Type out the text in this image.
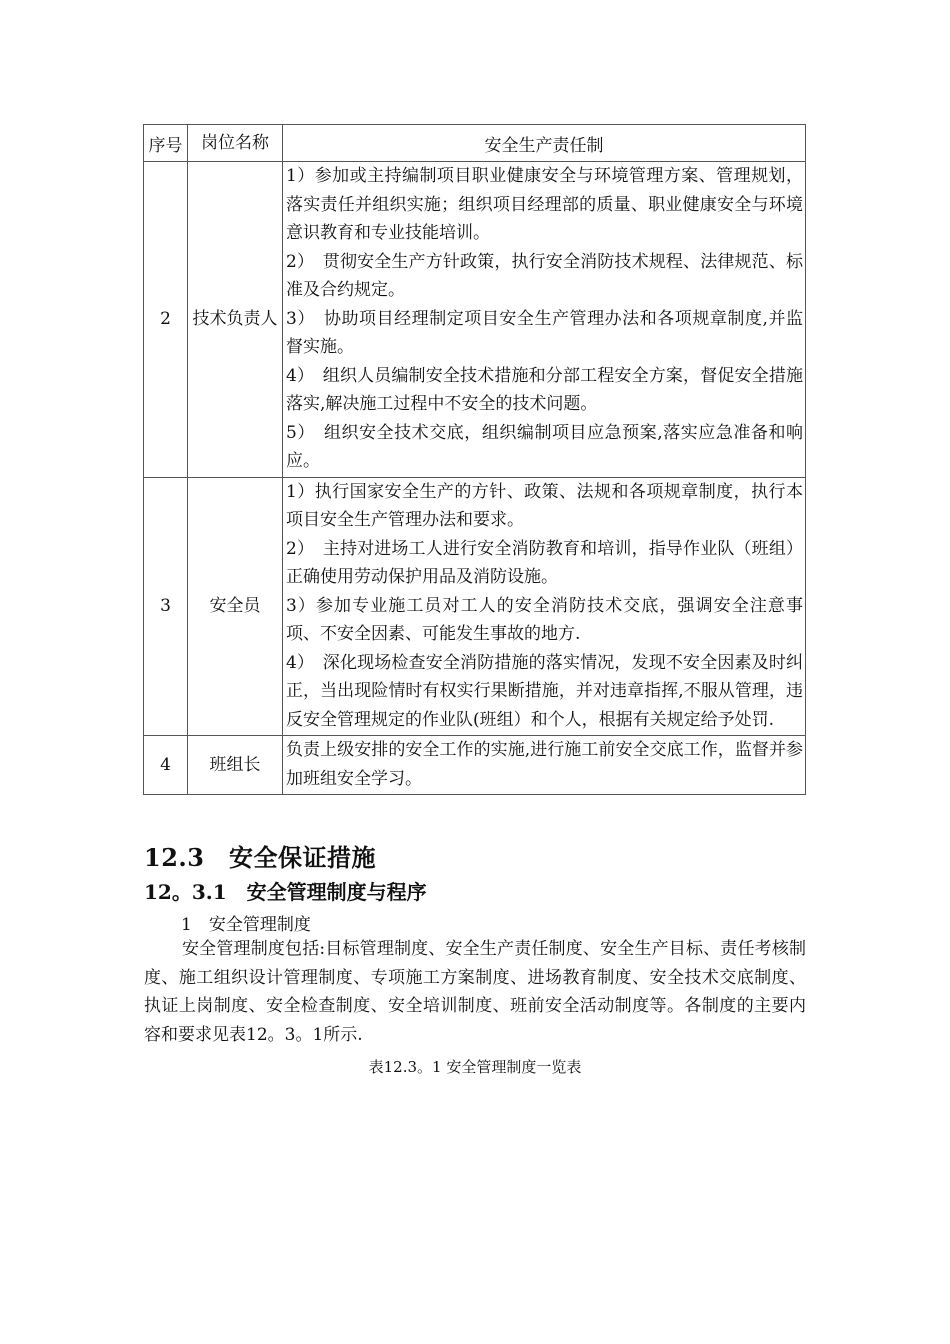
序号	岗位名称	安全生产责任制
2	技术负责人	1）参加或主持编制项目职业健康安全与环境管理方案、管理规划，落实责任并组织实施；组织项目经理部的质量、职业健康安全与环境意识教育和专业技能培训。
2）　贯彻安全生产方针政策，执行安全消防技术规程、法律规范、标准及合约规定。
3）　协助项目经理制定项目安全生产管理办法和各项规章制度,并监督实施。
4）　组织人员编制安全技术措施和分部工程安全方案，督促安全措施落实,解决施工过程中不安全的技术问题。
5）　组织安全技术交底，组织编制项目应急预案,落实应急准备和响应。

3	安全员	1）执行国家安全生产的方针、政策、法规和各项规章制度，执行本项目安全生产管理办法和要求。
2）　主持对进场工人进行安全消防教育和培训，指导作业队（班组）正确使用劳动保护用品及消防设施。
3）参加专业施工员对工人的安全消防技术交底，强调安全注意事项、不安全因素、可能发生事故的地方.
4）　深化现场检查安全消防措施的落实情况，发现不安全因素及时纠正，当出现险情时有权实行果断措施，并对违章指挥,不服从管理，违反安全管理规定的作业队(班组）和个人，根据有关规定给予处罚.

4	班组长	负责上级安排的安全工作的实施,进行施工前安全交底工作，监督并参加班组安全学习。
12.3　安全保证措施
12。3.1　安全管理制度与程序
1　安全管理制度

安全管理制度包括:目标管理制度、安全生产责任制度、安全生产目标、责任考核制度、施工组织设计管理制度、专项施工方案制度、进场教育制度、安全技术交底制度、执证上岗制度、安全检查制度、安全培训制度、班前安全活动制度等。各制度的主要内容和要求见表12。3。1所示.

表12.3。1 安全管理制度一览表
